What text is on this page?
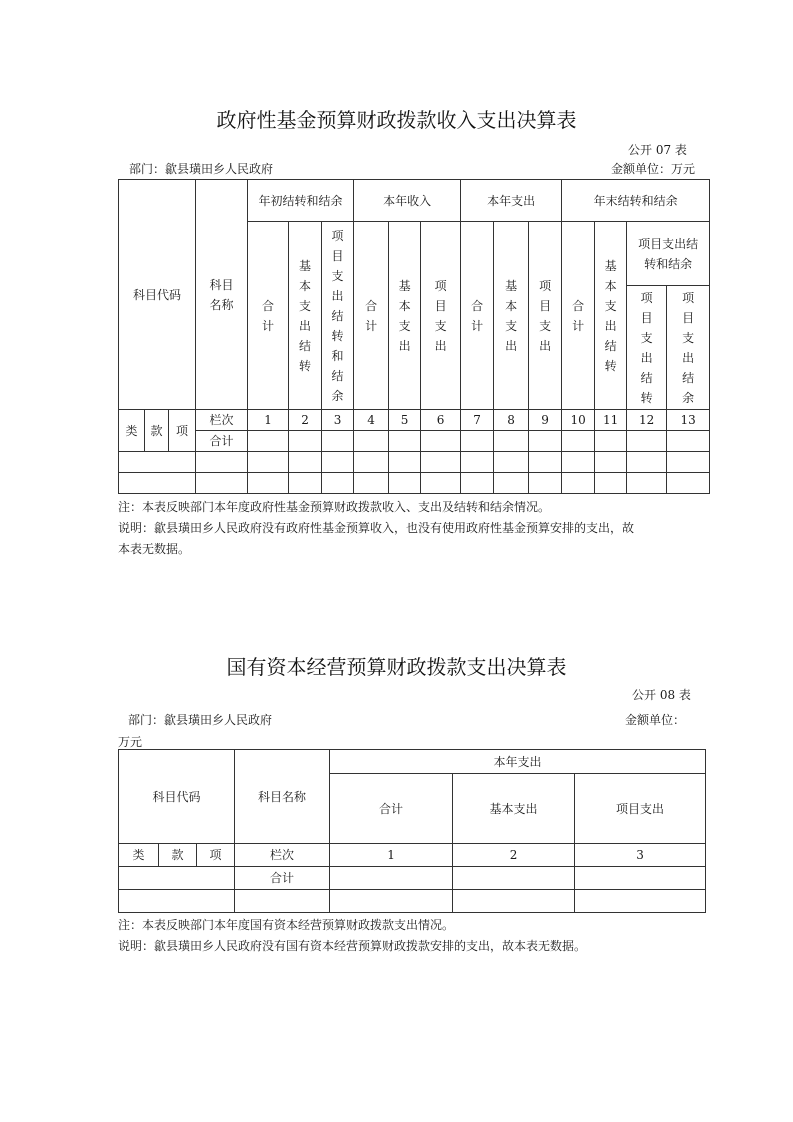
政府性基金预算财政拨款收入支出决算表
公开 07 表
部门：歙县璜田乡人民政府	金额单位：万元
科目代码			科目名称	年初结转和结余			本年收入			本年支出			年末结转和结余			
				合计	基本支出结转	项目支出结转和结余	合计	基本支出	项目支出	合计	基本支出	项目支出	合计	基本支出结转	项目支出结转和结余	
															项目支出结转	项目支出结余
类	款	项	栏次	1	2	3	4	5	6	7	8	9	10	11	12	13
			合计													

注：本表反映部门本年度政府性基金预算财政拨款收入、支出及结转和结余情况。
说明：歙县璜田乡人民政府没有政府性基金预算收入，也没有使用政府性基金预算安排的支出，故
本表无数据。
国有资本经营预算财政拨款支出决算表
公开 08 表
部门：歙县璜田乡人民政府	金额单位：
万元
科目代码			科目名称	本年支出		
				合计	基本支出	项目支出
类	款	项	栏次	1	2	3
			合计			

注：本表反映部门本年度国有资本经营预算财政拨款支出情况。
说明：歙县璜田乡人民政府没有国有资本经营预算财政拨款安排的支出，故本表无数据。
